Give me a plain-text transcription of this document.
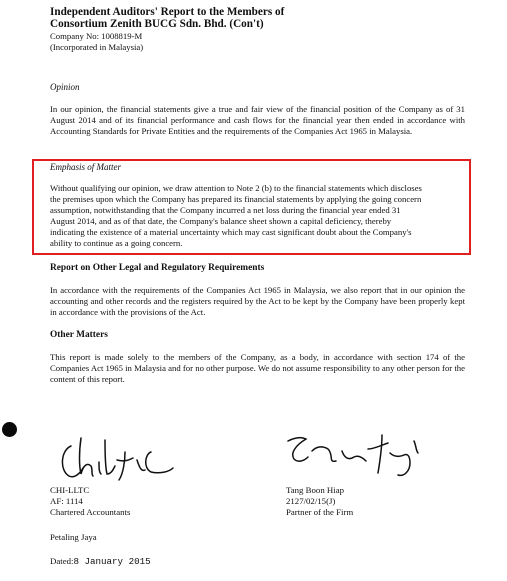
Independent Auditors' Report to the Members of
Consortium Zenith BUCG Sdn. Bhd. (Con't)
Company No: 1008819-M
(Incorporated in Malaysia)
Opinion
In our opinion, the financial statements give a true and fair view of the financial position of the Company as of 31 August 2014 and of its financial performance and cash flows for the financial year then ended in accordance with Accounting Standards for Private Entities and the requirements of the Companies Act 1965 in Malaysia.
Emphasis of Matter
Without qualifying our opinion, we draw attention to Note 2 (b) to the financial statements which discloses
the premises upon which the Company has prepared its financial statements by applying the going concern
assumption, notwithstanding that the Company incurred a net loss during the financial year ended 31
August 2014, and as of that date, the Company's balance sheet shown a capital deficiency, thereby
indicating the existence of a material uncertainty which may cast significant doubt about the Company's
ability to continue as a going concern.
Report on Other Legal and Regulatory Requirements
In accordance with the requirements of the Companies Act 1965 in Malaysia, we also report that in our opinion the accounting and other records and the registers required by the Act to be kept by the Company have been properly kept in accordance with the provisions of the Act.
Other Matters
This report is made solely to the members of the Company, as a body, in accordance with section 174 of the Companies Act 1965 in Malaysia and for no other purpose. We do not assume responsibility to any other person for the content of this report.
CHI-LLTC
AF: 1114
Chartered Accountants
Tang Boon Hiap
2127/02/15(J)
Partner of the Firm
Petaling Jaya
Dated:8 January 2015
